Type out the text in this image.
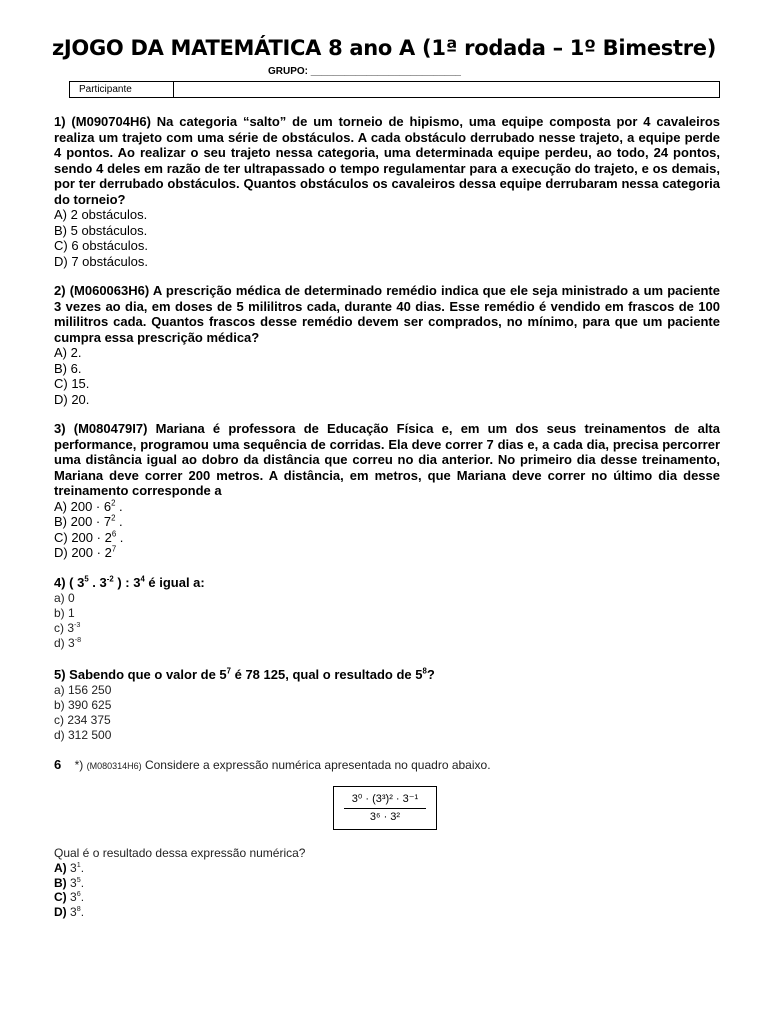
zJOGO DA MATEMÁTICA 8 ano A (1ª rodada – 1º Bimestre)
GRUPO: ___________________________
Participante
1) (M090704H6) Na categoria “salto” de um torneio de hipismo, uma equipe composta por 4 cavaleiros realiza um trajeto com uma série de obstáculos. A cada obstáculo derrubado nesse trajeto, a equipe perde 4 pontos. Ao realizar o seu trajeto nessa categoria, uma determinada equipe perdeu, ao todo, 24 pontos, sendo 4 deles em razão de ter ultrapassado o tempo regulamentar para a execução do trajeto, e os demais, por ter derrubado obstáculos. Quantos obstáculos os cavaleiros dessa equipe derrubaram nessa categoria do torneio?
A) 2 obstáculos.
B) 5 obstáculos.
C) 6 obstáculos.
D) 7 obstáculos.
2) (M060063H6) A prescrição médica de determinado remédio indica que ele seja ministrado a um paciente 3 vezes ao dia, em doses de 5 mililitros cada, durante 40 dias. Esse remédio é vendido em frascos de 100 mililitros cada. Quantos frascos desse remédio devem ser comprados, no mínimo, para que um paciente cumpra essa prescrição médica?
A) 2.
B) 6.
C) 15.
D) 20.
3) (M080479I7) Mariana é professora de Educação Física e, em um dos seus treinamentos de alta performance, programou uma sequência de corridas. Ela deve correr 7 dias e, a cada dia, precisa percorrer uma distância igual ao dobro da distância que correu no dia anterior. No primeiro dia desse treinamento, Mariana deve correr 200 metros. A distância, em metros, que Mariana deve correr no último dia desse treinamento corresponde a
A) $200 \cdot 6^2$ .
B) $200 \cdot 7^2$ .
C) $200 \cdot 2^6$ .
D) $200 \cdot 2^7$
4) ( $3^5$ . $3^{-2}$ ) : $3^4$ é igual a:
a) 0
b) 1
c) $3^{-3}$
d) $3^{-8}$
5) Sabendo que o valor de $5^7$ é 78 125, qual o resultado de $5^8$?
a) 156 250
b) 390 625
c) 234 375
d) 312 500
6 *) (M080314H6) Considere a expressão numérica apresentada no quadro abaixo.
3⁰ · (3³)² · 3⁻¹
3⁶ · 3²
Qual é o resultado dessa expressão numérica?
A) $3^1$.
B) $3^5$.
C) $3^6$.
D) $3^8$.
